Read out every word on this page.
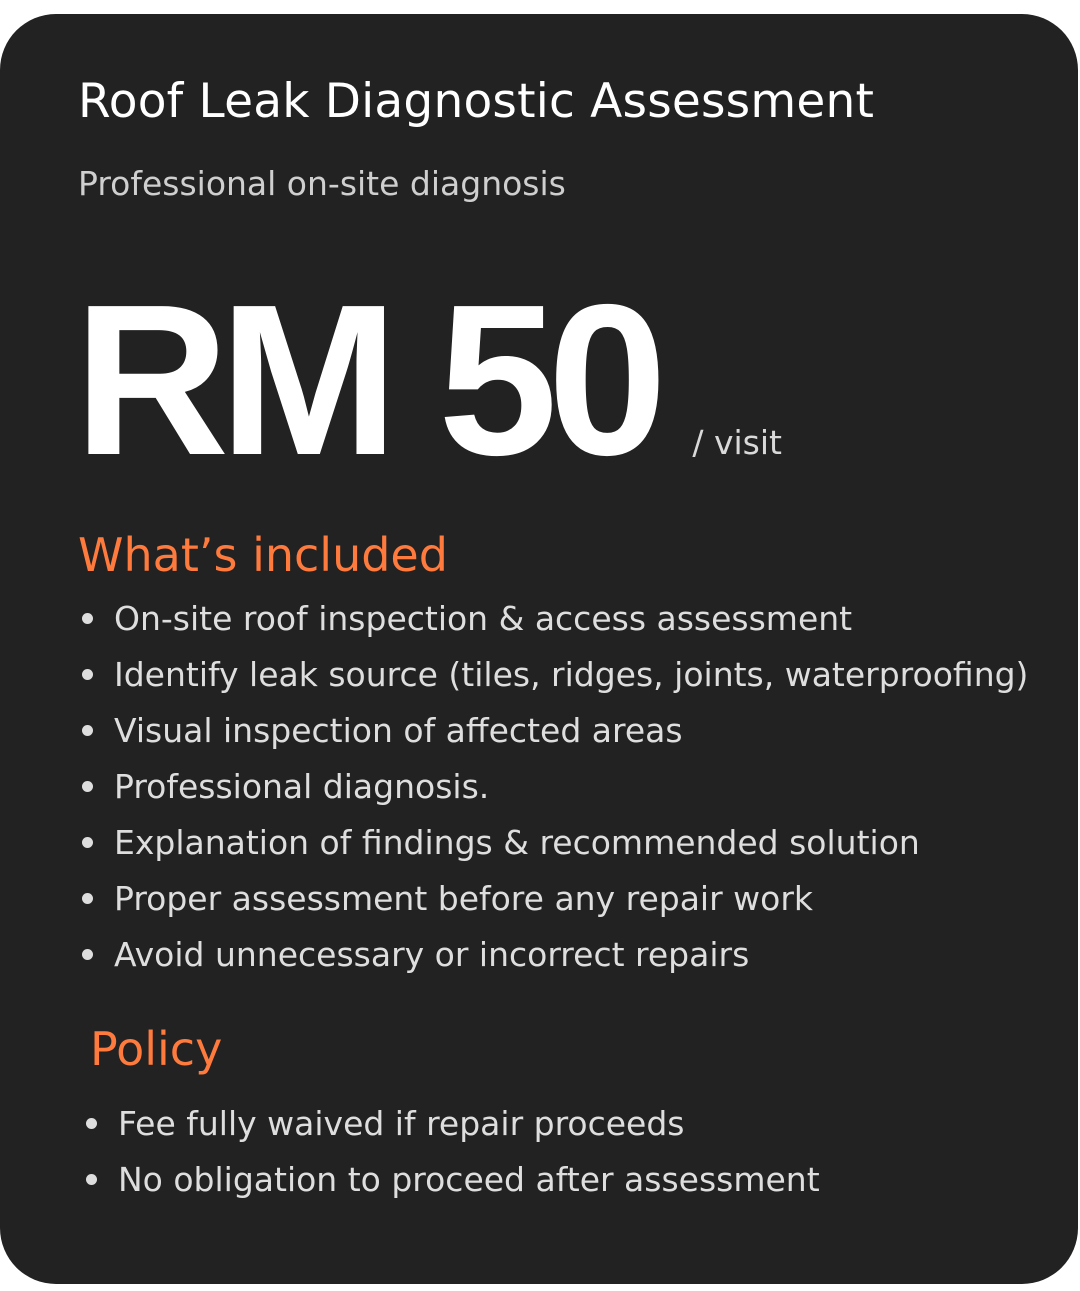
Roof Leak Diagnostic Assessment
Professional on-site diagnosis
RM 50 / visit
What’s included
On-site roof inspection & access assessment
Identify leak source (tiles, ridges, joints, waterproofing)
Visual inspection of affected areas
Professional diagnosis.
Explanation of findings & recommended solution
Proper assessment before any repair work
Avoid unnecessary or incorrect repairs
Policy
Fee fully waived if repair proceeds
No obligation to proceed after assessment
